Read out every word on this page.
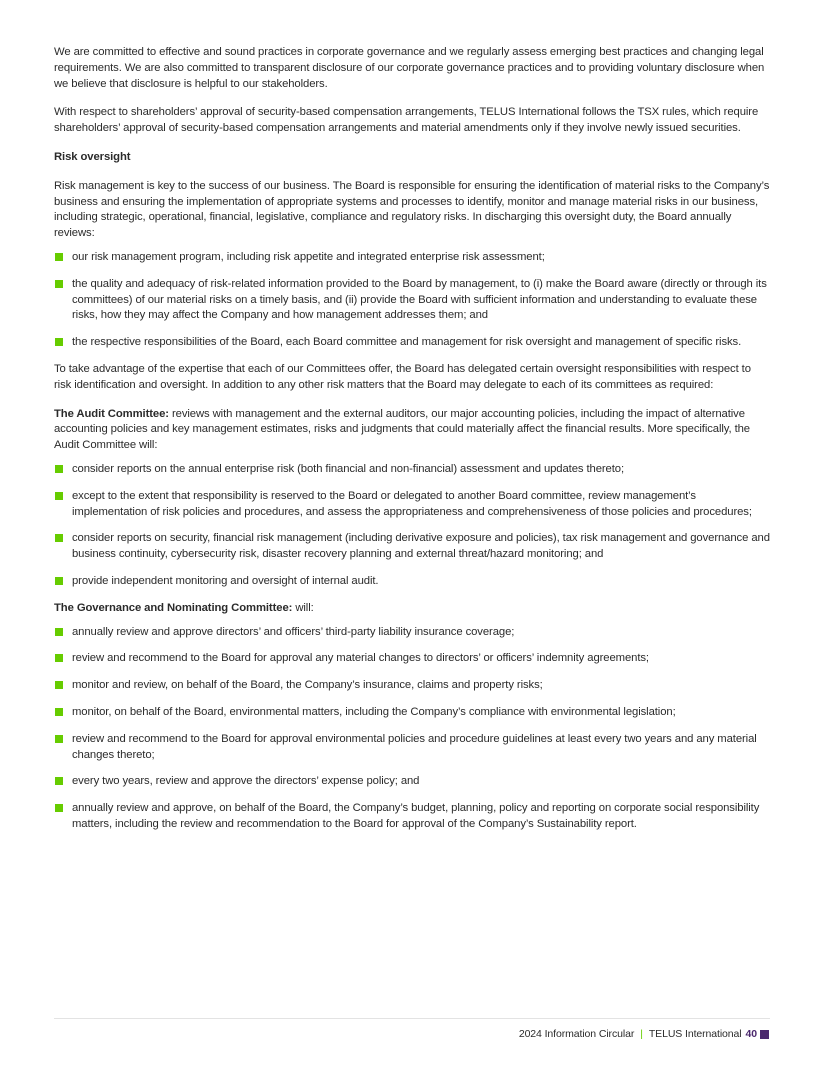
We are committed to effective and sound practices in corporate governance and we regularly assess emerging best practices and changing legal requirements. We are also committed to transparent disclosure of our corporate governance practices and to providing voluntary disclosure when we believe that disclosure is helpful to our stakeholders.

With respect to shareholders’ approval of security-based compensation arrangements, TELUS International follows the TSX rules, which require shareholders’ approval of security-based compensation arrangements and material amendments only if they involve newly issued securities.

Risk oversight

Risk management is key to the success of our business. The Board is responsible for ensuring the identification of material risks to the Company’s business and ensuring the implementation of appropriate systems and processes to identify, monitor and manage material risks in our business, including strategic, operational, financial, legislative, compliance and regulatory risks. In discharging this oversight duty, the Board annually reviews:

our risk management program, including risk appetite and integrated enterprise risk assessment;
the quality and adequacy of risk-related information provided to the Board by management, to (i) make the Board aware (directly or through its committees) of our material risks on a timely basis, and (ii) provide the Board with sufficient information and understanding to evaluate these risks, how they may affect the Company and how management addresses them; and
the respective responsibilities of the Board, each Board committee and management for risk oversight and management of specific risks.

To take advantage of the expertise that each of our Committees offer, the Board has delegated certain oversight responsibilities with respect to risk identification and oversight. In addition to any other risk matters that the Board may delegate to each of its committees as required:

The Audit Committee: reviews with management and the external auditors, our major accounting policies, including the impact of alternative accounting policies and key management estimates, risks and judgments that could materially affect the financial results. More specifically, the Audit Committee will:

consider reports on the annual enterprise risk (both financial and non-financial) assessment and updates thereto;
except to the extent that responsibility is reserved to the Board or delegated to another Board committee, review management’s implementation of risk policies and procedures, and assess the appropriateness and comprehensiveness of those policies and procedures;
consider reports on security, financial risk management (including derivative exposure and policies), tax risk management and governance and business continuity, cybersecurity risk, disaster recovery planning and external threat/hazard monitoring; and
provide independent monitoring and oversight of internal audit.

The Governance and Nominating Committee: will:

annually review and approve directors’ and officers’ third-party liability insurance coverage;
review and recommend to the Board for approval any material changes to directors’ or officers’ indemnity agreements;
monitor and review, on behalf of the Board, the Company’s insurance, claims and property risks;
monitor, on behalf of the Board, environmental matters, including the Company’s compliance with environmental legislation;
review and recommend to the Board for approval environmental policies and procedure guidelines at least every two years and any material changes thereto;
every two years, review and approve the directors’ expense policy; and
annually review and approve, on behalf of the Board, the Company’s budget, planning, policy and reporting on corporate social responsibility matters, including the review and recommendation to the Board for approval of the Company’s Sustainability report.
2024 Information Circular | TELUS International 40
